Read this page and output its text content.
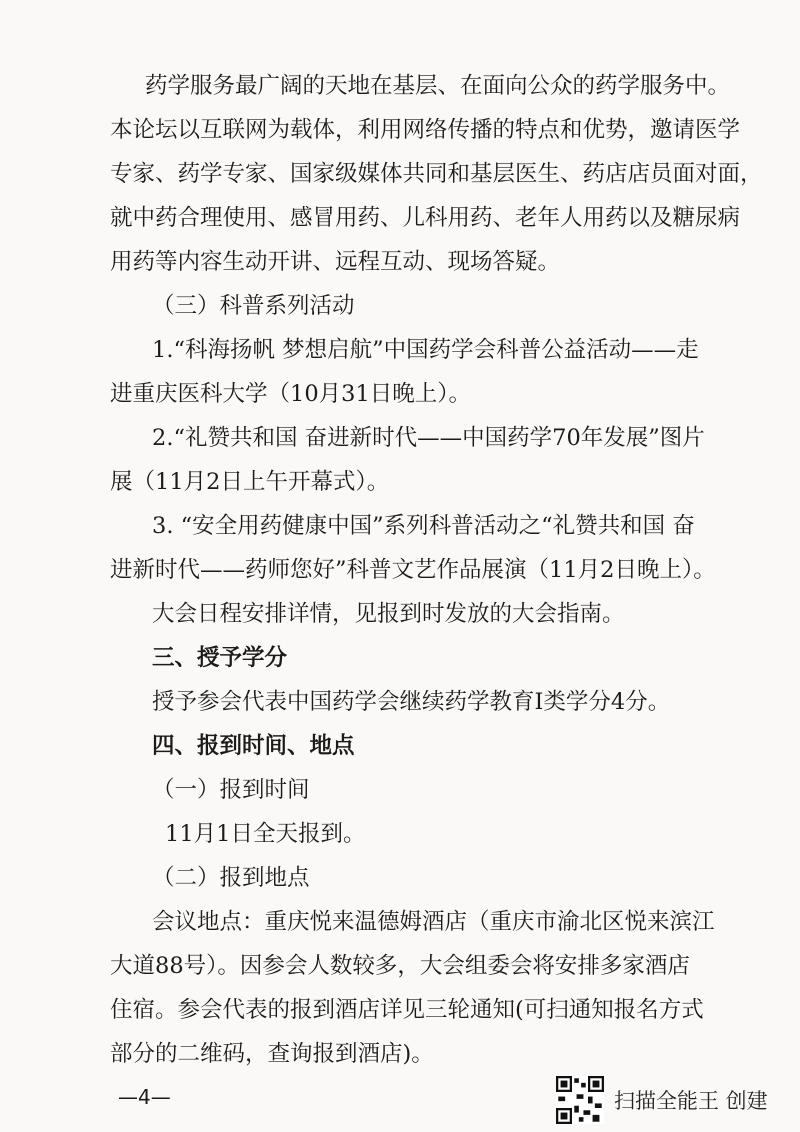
药学服务最广阔的天地在基层、在面向公众的药学服务中。
本论坛以互联网为载体，利用网络传播的特点和优势，邀请医学
专家、药学专家、国家级媒体共同和基层医生、药店店员面对面，
就中药合理使用、感冒用药、儿科用药、老年人用药以及糖尿病
用药等内容生动开讲、远程互动、现场答疑。
（三）科普系列活动
1.“科海扬帆 梦想启航”中国药学会科普公益活动——走
进重庆医科大学（10月31日晚上）。
2.“礼赞共和国 奋进新时代——中国药学70年发展”图片
展（11月2日上午开幕式）。
3. “安全用药健康中国”系列科普活动之“礼赞共和国 奋
进新时代——药师您好”科普文艺作品展演（11月2日晚上）。
大会日程安排详情，见报到时发放的大会指南。
三、授予学分
授予参会代表中国药学会继续药学教育Ⅰ类学分4分。
四、报到时间、地点
（一）报到时间
11月1日全天报到。
（二）报到地点
会议地点：重庆悦来温德姆酒店（重庆市渝北区悦来滨江
大道88号）。因参会人数较多，大会组委会将安排多家酒店
住宿。参会代表的报到酒店详见三轮通知(可扫通知报名方式
部分的二维码，查询报到酒店)。
—4—	扫描全能王 创建
